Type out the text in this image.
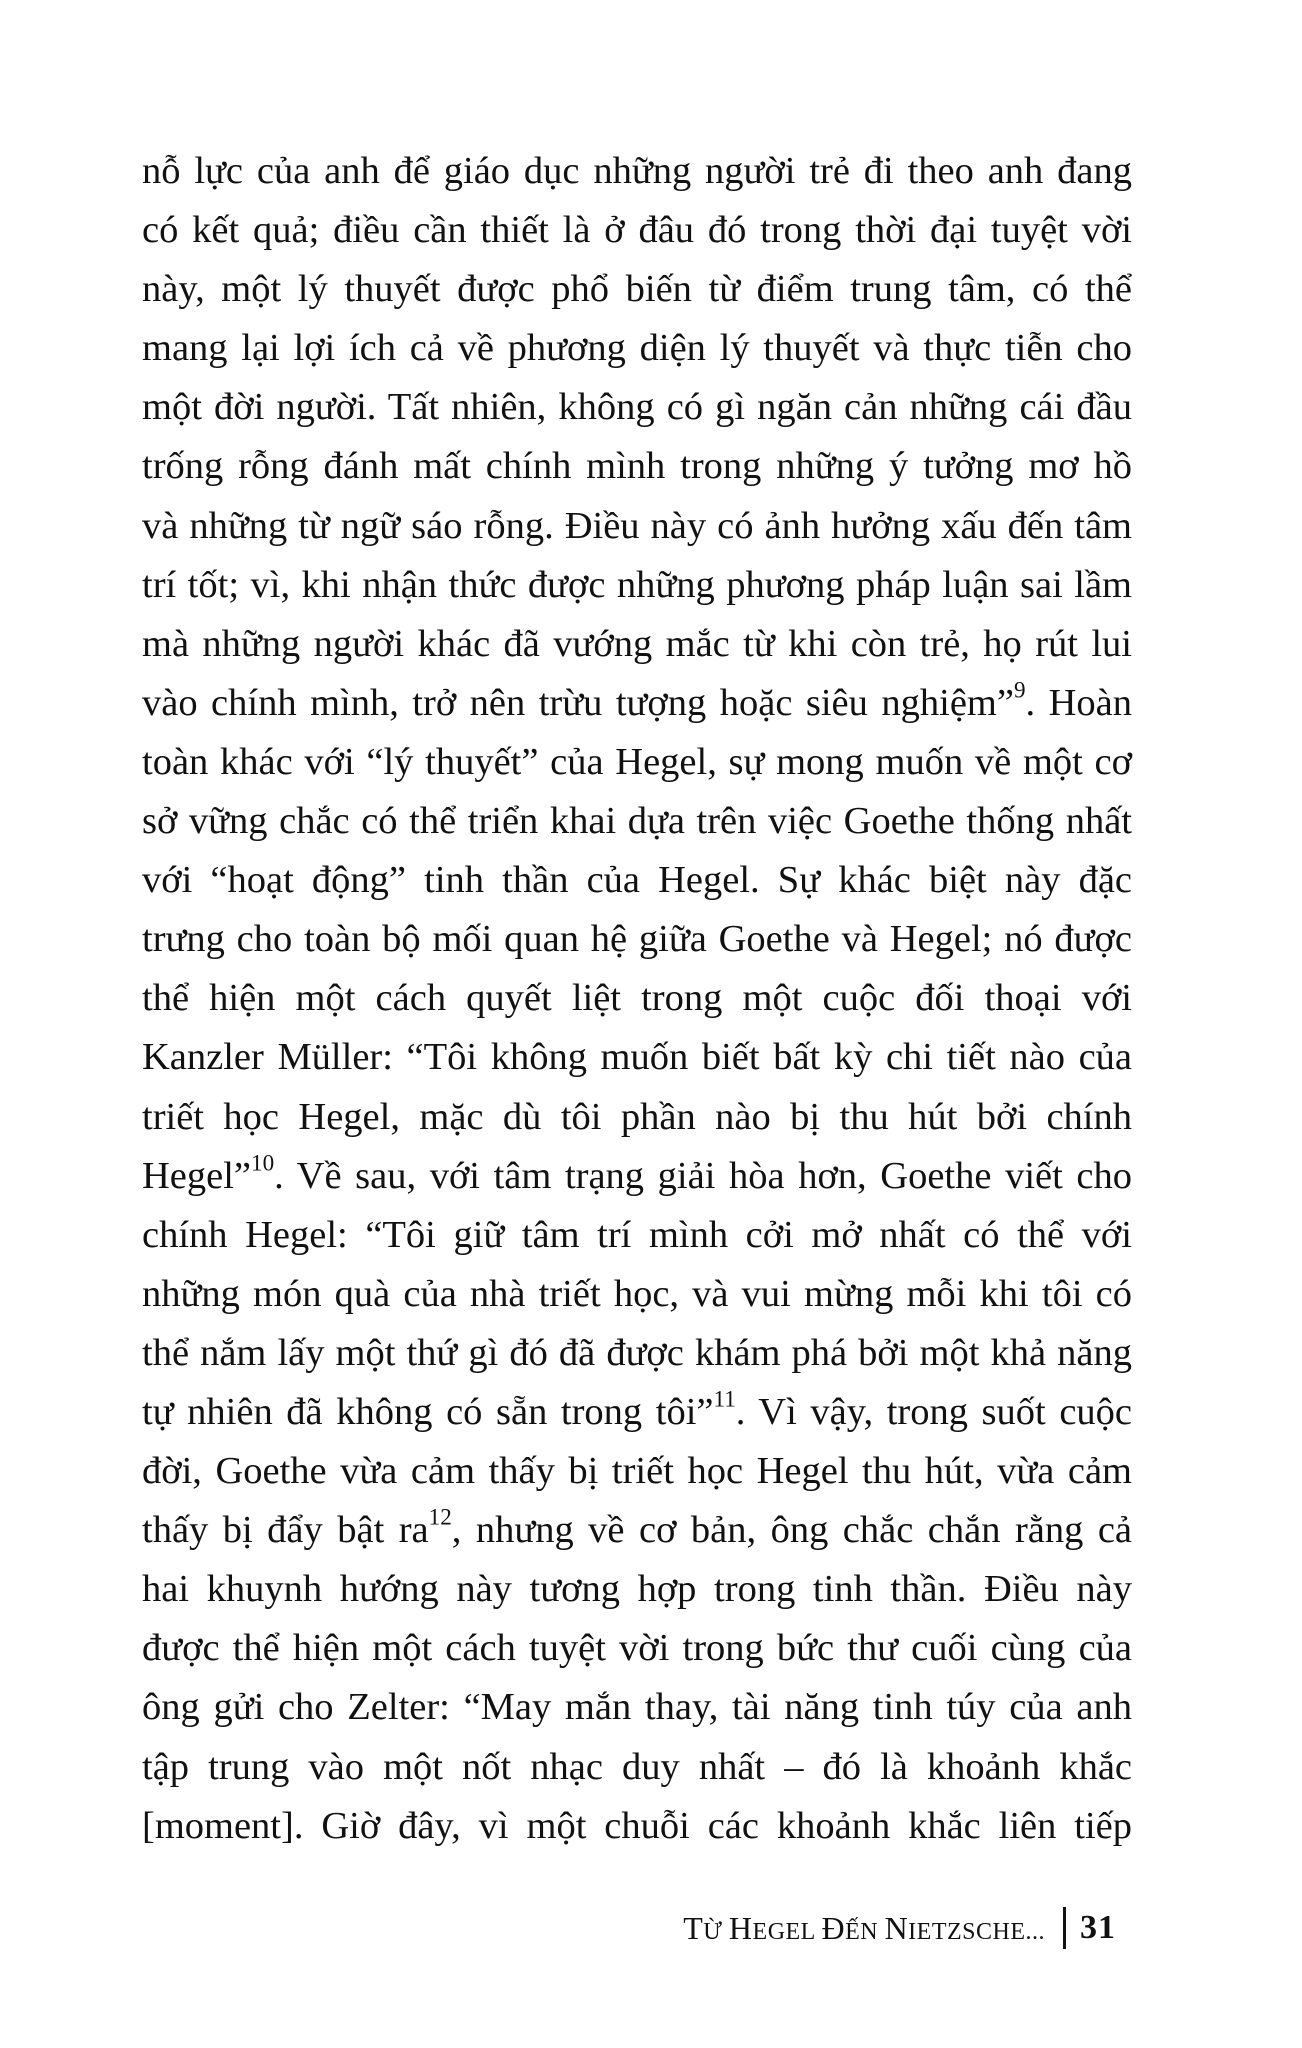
nỗ lực của anh để giáo dục những người trẻ đi theo anh đang
có kết quả; điều cần thiết là ở đâu đó trong thời đại tuyệt vời
này, một lý thuyết được phổ biến từ điểm trung tâm, có thể
mang lại lợi ích cả về phương diện lý thuyết và thực tiễn cho
một đời người. Tất nhiên, không có gì ngăn cản những cái đầu
trống rỗng đánh mất chính mình trong những ý tưởng mơ hồ
và những từ ngữ sáo rỗng. Điều này có ảnh hưởng xấu đến tâm
trí tốt; vì, khi nhận thức được những phương pháp luận sai lầm
mà những người khác đã vướng mắc từ khi còn trẻ, họ rút lui
vào chính mình, trở nên trừu tượng hoặc siêu nghiệm”$^9$. Hoàn
toàn khác với “lý thuyết” của Hegel, sự mong muốn về một cơ
sở vững chắc có thể triển khai dựa trên việc Goethe thống nhất
với “hoạt động” tinh thần của Hegel. Sự khác biệt này đặc
trưng cho toàn bộ mối quan hệ giữa Goethe và Hegel; nó được
thể hiện một cách quyết liệt trong một cuộc đối thoại với
Kanzler Müller: “Tôi không muốn biết bất kỳ chi tiết nào của
triết học Hegel, mặc dù tôi phần nào bị thu hút bởi chính
Hegel”$^{10}$. Về sau, với tâm trạng giải hòa hơn, Goethe viết cho
chính Hegel: “Tôi giữ tâm trí mình cởi mở nhất có thể với
những món quà của nhà triết học, và vui mừng mỗi khi tôi có
thể nắm lấy một thứ gì đó đã được khám phá bởi một khả năng
tự nhiên đã không có sẵn trong tôi”$^{11}$. Vì vậy, trong suốt cuộc
đời, Goethe vừa cảm thấy bị triết học Hegel thu hút, vừa cảm
thấy bị đẩy bật $ra^{12}$, nhưng về cơ bản, ông chắc chắn rằng cả
hai khuynh hướng này tương hợp trong tinh thần. Điều này
được thể hiện một cách tuyệt vời trong bức thư cuối cùng của
ông gửi cho Zelter: “May mắn thay, tài năng tinh túy của anh
tập trung vào một nốt nhạc duy nhất – đó là khoảnh khắc
[moment]. Giờ đây, vì một chuỗi các khoảnh khắc liên tiếp
TỪ HEGEL ĐẾN NIETZSCHE... 31
